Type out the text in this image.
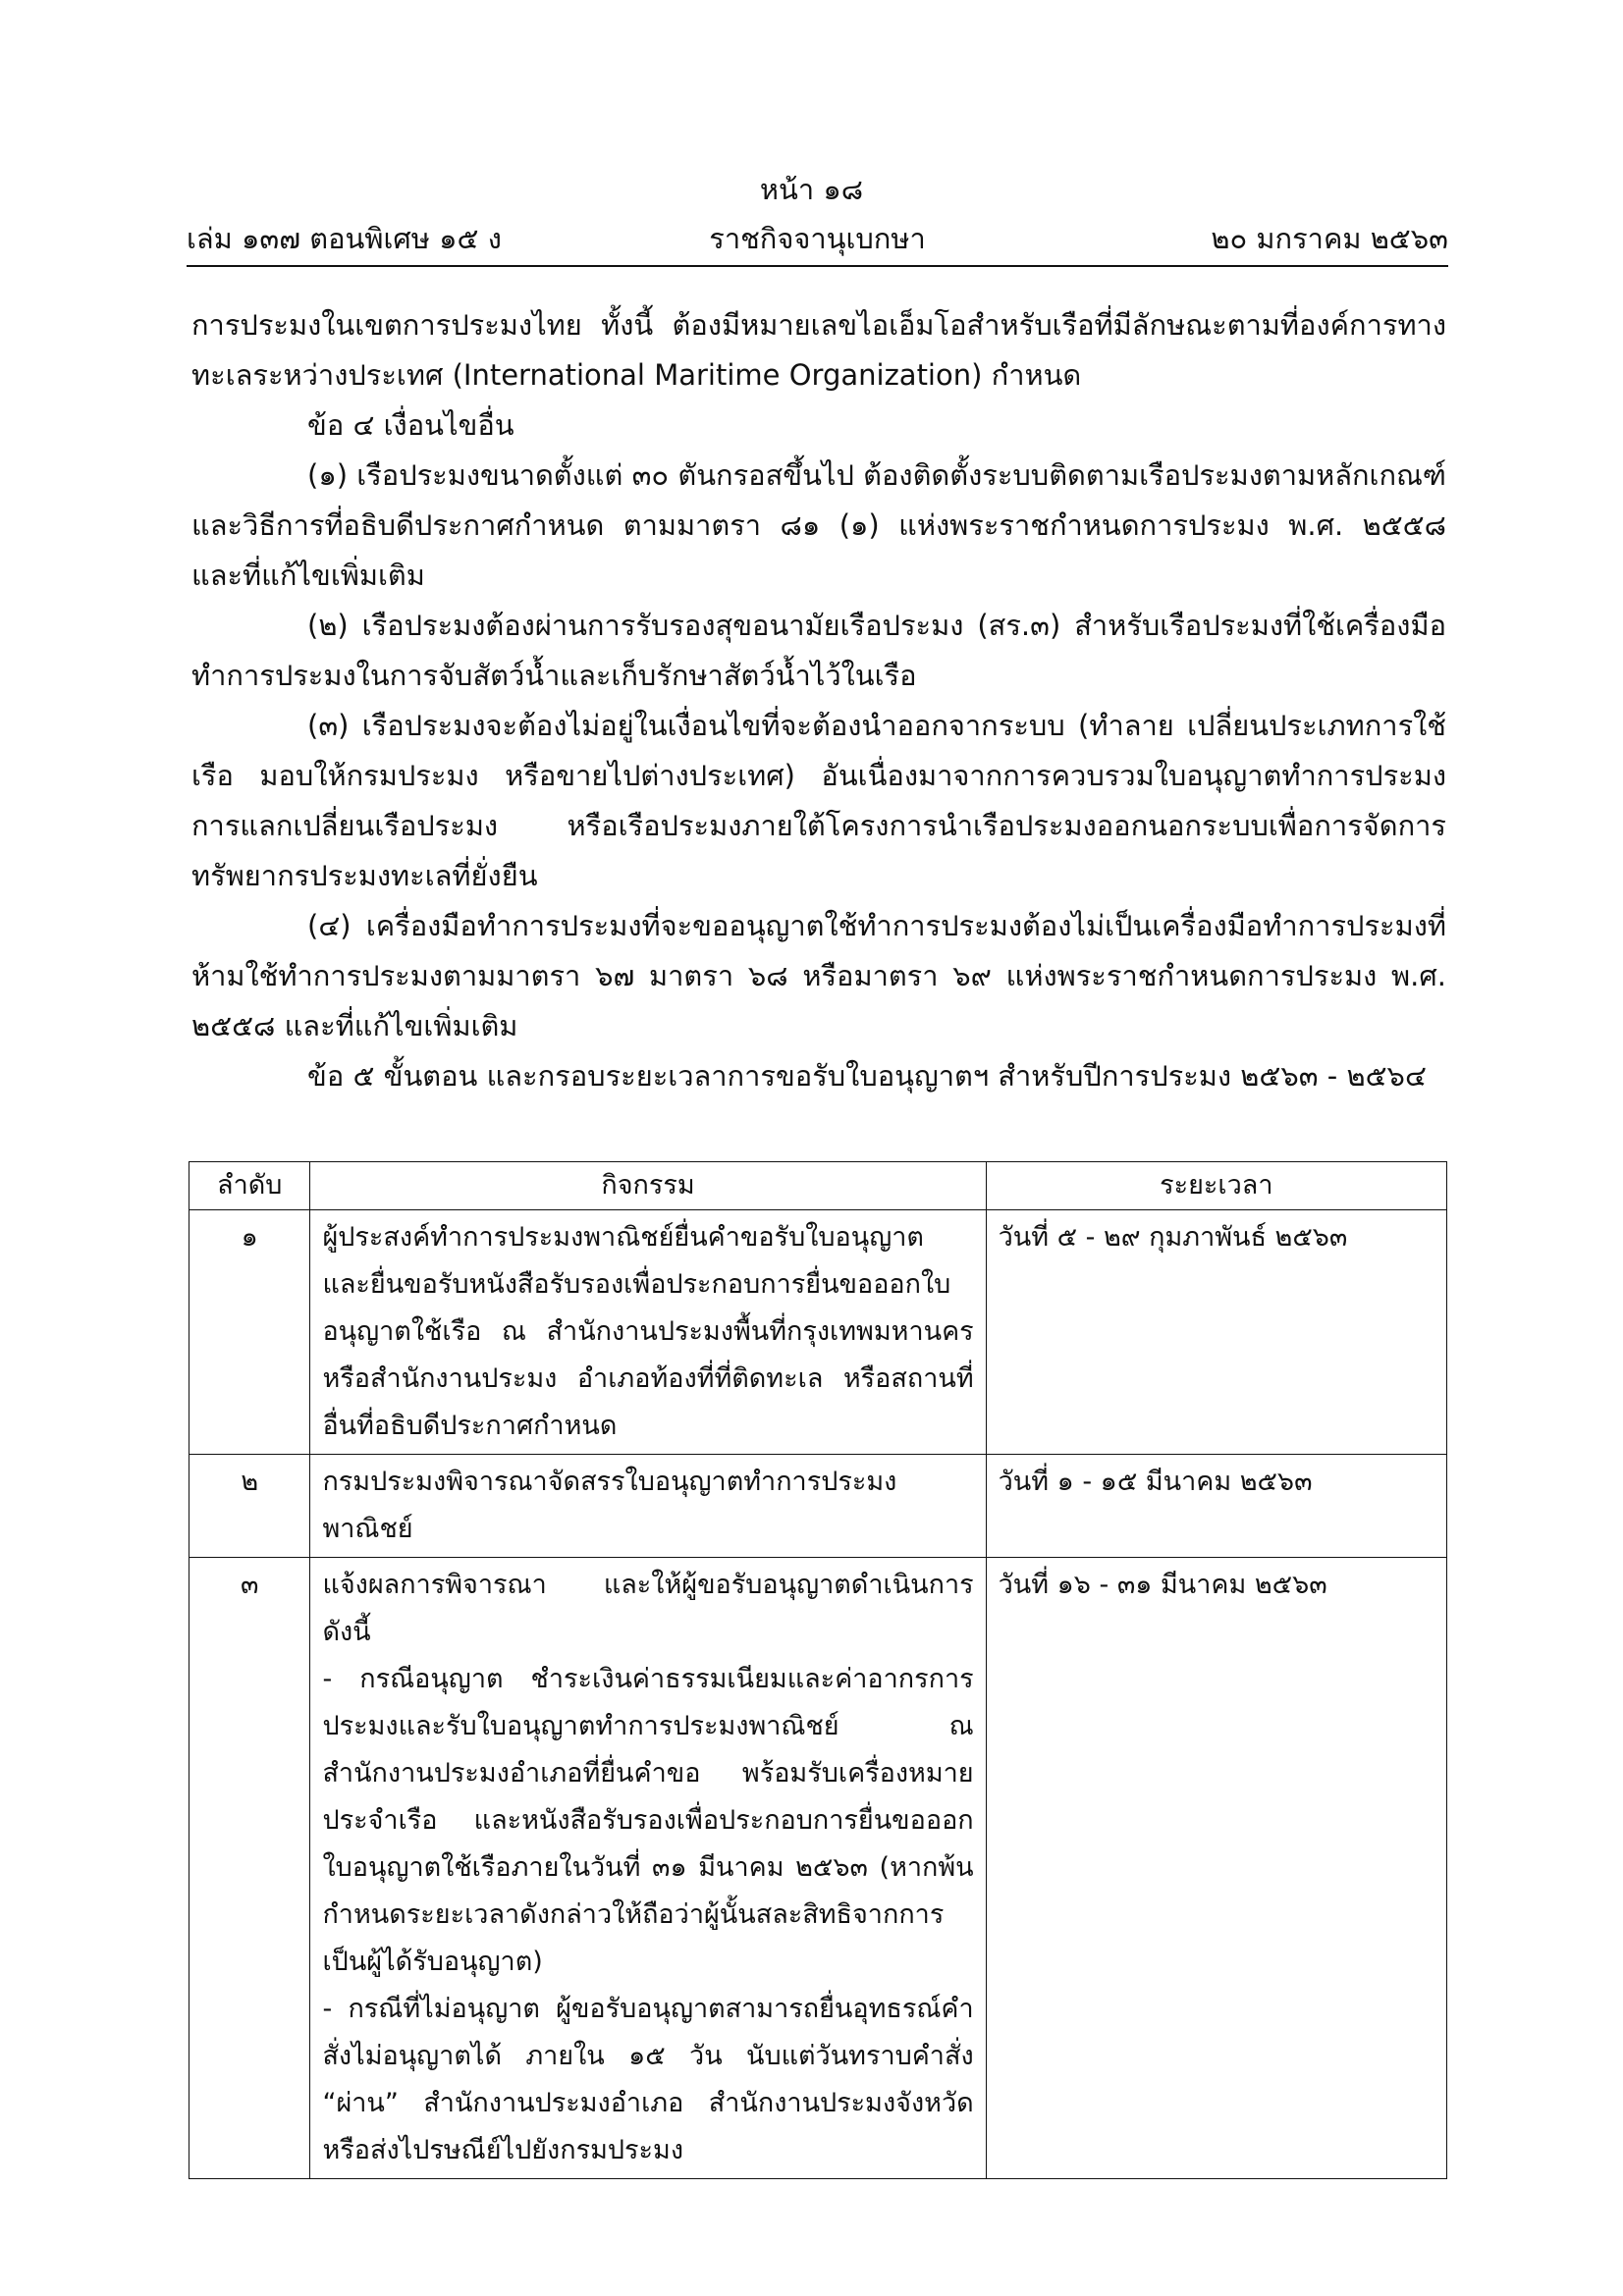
หน้า ๑๘
เล่ม ๑๓๗ ตอนพิเศษ ๑๕ ง	ราชกิจจานุเบกษา	๒๐ มกราคม ๒๕๖๓

การประมงในเขตการประมงไทย ทั้งนี้ ต้องมีหมายเลขไอเอ็มโอสำหรับเรือที่มีลักษณะตามที่องค์การทางทะเลระหว่างประเทศ (International Maritime Organization) กำหนด

ข้อ ๔ เงื่อนไขอื่น

(๑) เรือประมงขนาดตั้งแต่ ๓๐ ตันกรอสขึ้นไป ต้องติดตั้งระบบติดตามเรือประมงตามหลักเกณฑ์และวิธีการที่อธิบดีประกาศกำหนด ตามมาตรา ๘๑ (๑) แห่งพระราชกำหนดการประมง พ.ศ. ๒๕๕๘ และที่แก้ไขเพิ่มเติม

(๒) เรือประมงต้องผ่านการรับรองสุขอนามัยเรือประมง (สร.๓) สำหรับเรือประมงที่ใช้เครื่องมือทำการประมงในการจับสัตว์น้ำและเก็บรักษาสัตว์น้ำไว้ในเรือ

(๓) เรือประมงจะต้องไม่อยู่ในเงื่อนไขที่จะต้องนำออกจากระบบ (ทำลาย เปลี่ยนประเภทการใช้เรือ มอบให้กรมประมง หรือขายไปต่างประเทศ) อันเนื่องมาจากการควบรวมใบอนุญาตทำการประมง การแลกเปลี่ยนเรือประมง หรือเรือประมงภายใต้โครงการนำเรือประมงออกนอกระบบเพื่อการจัดการทรัพยากรประมงทะเลที่ยั่งยืน

(๔) เครื่องมือทำการประมงที่จะขออนุญาตใช้ทำการประมงต้องไม่เป็นเครื่องมือทำการประมงที่ห้ามใช้ทำการประมงตามมาตรา ๖๗ มาตรา ๖๘ หรือมาตรา ๖๙ แห่งพระราชกำหนดการประมง พ.ศ. ๒๕๕๘ และที่แก้ไขเพิ่มเติม

ข้อ ๕ ขั้นตอน และกรอบระยะเวลาการขอรับใบอนุญาตฯ สำหรับปีการประมง ๒๕๖๓ - ๒๕๖๔

ลำดับ	กิจกรรม	ระยะเวลา
๑	ผู้ประสงค์ทำการประมงพาณิชย์ยื่นคำขอรับใบอนุญาต และยื่นขอรับหนังสือรับรองเพื่อประกอบการยื่นขอออกใบอนุญาตใช้เรือ ณ สำนักงานประมงพื้นที่กรุงเทพมหานคร หรือสำนักงานประมง อำเภอท้องที่ที่ติดทะเล หรือสถานที่อื่นที่อธิบดีประกาศกำหนด	วันที่ ๕ - ๒๙ กุมภาพันธ์ ๒๕๖๓
๒	กรมประมงพิจารณาจัดสรรใบอนุญาตทำการประมงพาณิชย์	วันที่ ๑ - ๑๕ มีนาคม ๒๕๖๓
๓	แจ้งผลการพิจารณา และให้ผู้ขอรับอนุญาตดำเนินการ ดังนี้
- กรณีอนุญาต ชำระเงินค่าธรรมเนียมและค่าอากรการประมงและรับใบอนุญาตทำการประมงพาณิชย์ ณ สำนักงานประมงอำเภอที่ยื่นคำขอ พร้อมรับเครื่องหมายประจำเรือ และหนังสือรับรองเพื่อประกอบการยื่นขอออกใบอนุญาตใช้เรือภายในวันที่ ๓๑ มีนาคม ๒๕๖๓ (หากพ้นกำหนดระยะเวลาดังกล่าวให้ถือว่าผู้นั้นสละสิทธิจากการเป็นผู้ได้รับอนุญาต)
- กรณีที่ไม่อนุญาต ผู้ขอรับอนุญาตสามารถยื่นอุทธรณ์คำสั่งไม่อนุญาตได้ ภายใน ๑๕ วัน นับแต่วันทราบคำสั่ง “ผ่าน” สำนักงานประมงอำเภอ สำนักงานประมงจังหวัด หรือส่งไปรษณีย์ไปยังกรมประมง	วันที่ ๑๖ - ๓๑ มีนาคม ๒๕๖๓
